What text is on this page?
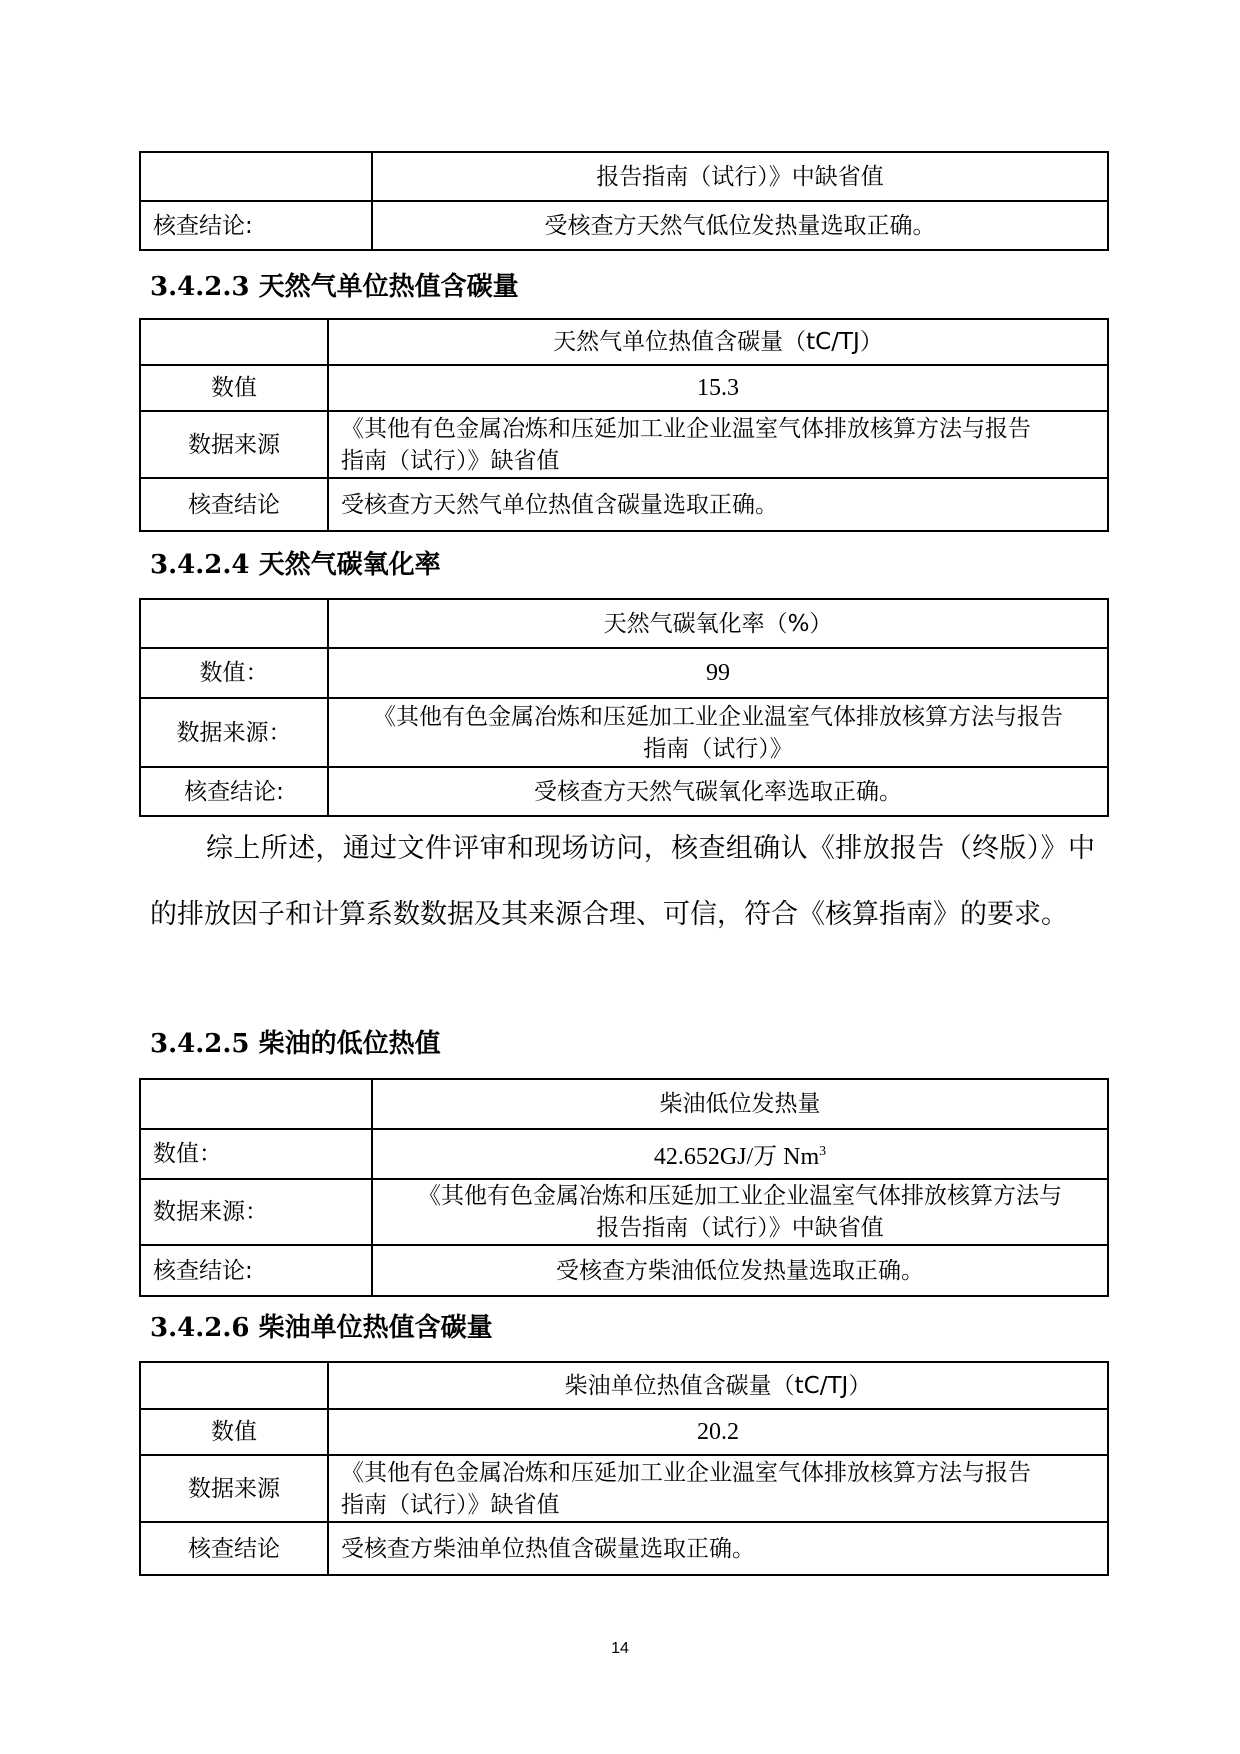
	报告指南（试行）》中缺省值
核查结论:	受核查方天然气低位发热量选取正确。
3.4.2.3 天然气单位热值含碳量
	天然气单位热值含碳量（tC/TJ）
数值	15.3
数据来源	《其他有色金属冶炼和压延加工业企业温室气体排放核算方法与报告
指南（试行）》缺省值
核查结论	受核查方天然气单位热值含碳量选取正确。
3.4.2.4 天然气碳氧化率
	天然气碳氧化率（%）
数值：	99
数据来源：	《其他有色金属冶炼和压延加工业企业温室气体排放核算方法与报告
指南（试行）》
核查结论:	受核查方天然气碳氧化率选取正确。

综上所述，通过文件评审和现场访问，核查组确认《排放报告（终版）》中的排放因子和计算系数数据及其来源合理、可信，符合《核算指南》的要求。

3.4.2.5 柴油的低位热值
	柴油低位发热量
数值：	42.652GJ/万 Nm$^3$
数据来源：	《其他有色金属冶炼和压延加工业企业温室气体排放核算方法与
报告指南（试行）》中缺省值
核查结论:	受核查方柴油低位发热量选取正确。
3.4.2.6 柴油单位热值含碳量
	柴油单位热值含碳量（tC/TJ）
数值	20.2
数据来源	《其他有色金属冶炼和压延加工业企业温室气体排放核算方法与报告
指南（试行）》缺省值
核查结论	受核查方柴油单位热值含碳量选取正确。
14
